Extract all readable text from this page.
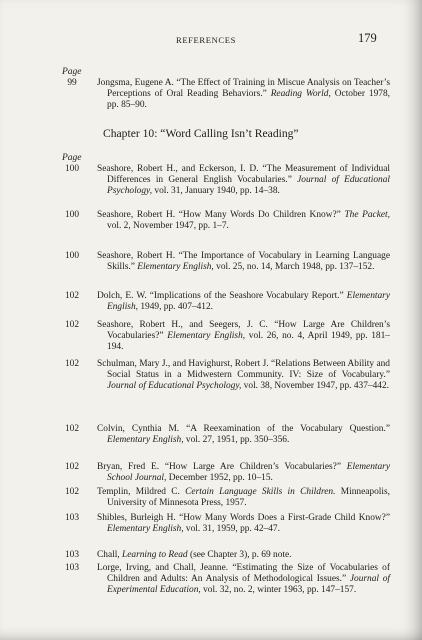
REFERENCES	179
Page
99	Jongsma, Eugene A. “The Effect of Training in Miscue Analysis on Teacher’s Perceptions of Oral Reading Behaviors.” Reading World, October 1978, pp. 85–90.
Chapter 10: “Word Calling Isn’t Reading”
Page
100	Seashore, Robert H., and Eckerson, I. D. “The Measurement of Individual Differences in General English Vocabularies.” Journal of Educational Psychology, vol. 31, January 1940, pp. 14–38.
100	Seashore, Robert H. “How Many Words Do Children Know?” The Packet, vol. 2, November 1947, pp. 1–7.
100	Seashore, Robert H. “The Importance of Vocabulary in Learning Language Skills.” Elementary English, vol. 25, no. 14, March 1948, pp. 137–152.
102	Dolch, E. W. “Implications of the Seashore Vocabulary Report.” Elementary English, 1949, pp. 407–412.
102	Seashore, Robert H., and Seegers, J. C. “How Large Are Children’s Vocabularies?” Elementary English, vol. 26, no. 4, April 1949, pp. 181–194.
102	Schulman, Mary J., and Havighurst, Robert J. “Relations Between Ability and Social Status in a Midwestern Community. IV: Size of Vocabulary.” Journal of Educational Psychology, vol. 38, November 1947, pp. 437–442.
102	Colvin, Cynthia M. “A Reexamination of the Vocabulary Question.” Elementary English, vol. 27, 1951, pp. 350–356.
102	Bryan, Fred E. “How Large Are Children’s Vocabularies?” Elementary School Journal, December 1952, pp. 10–15.
102	Templin, Mildred C. Certain Language Skills in Children. Minneapolis, University of Minnesota Press, 1957.
103	Shibles, Burleigh H. “How Many Words Does a First-Grade Child Know?” Elementary English, vol. 31, 1959, pp. 42–47.
103	Chall, Learning to Read (see Chapter 3), p. 69 note.
103	Lorge, Irving, and Chall, Jeanne. “Estimating the Size of Vocabularies of Children and Adults: An Analysis of Methodological Issues.” Journal of Experimental Education, vol. 32, no. 2, winter 1963, pp. 147–157.
